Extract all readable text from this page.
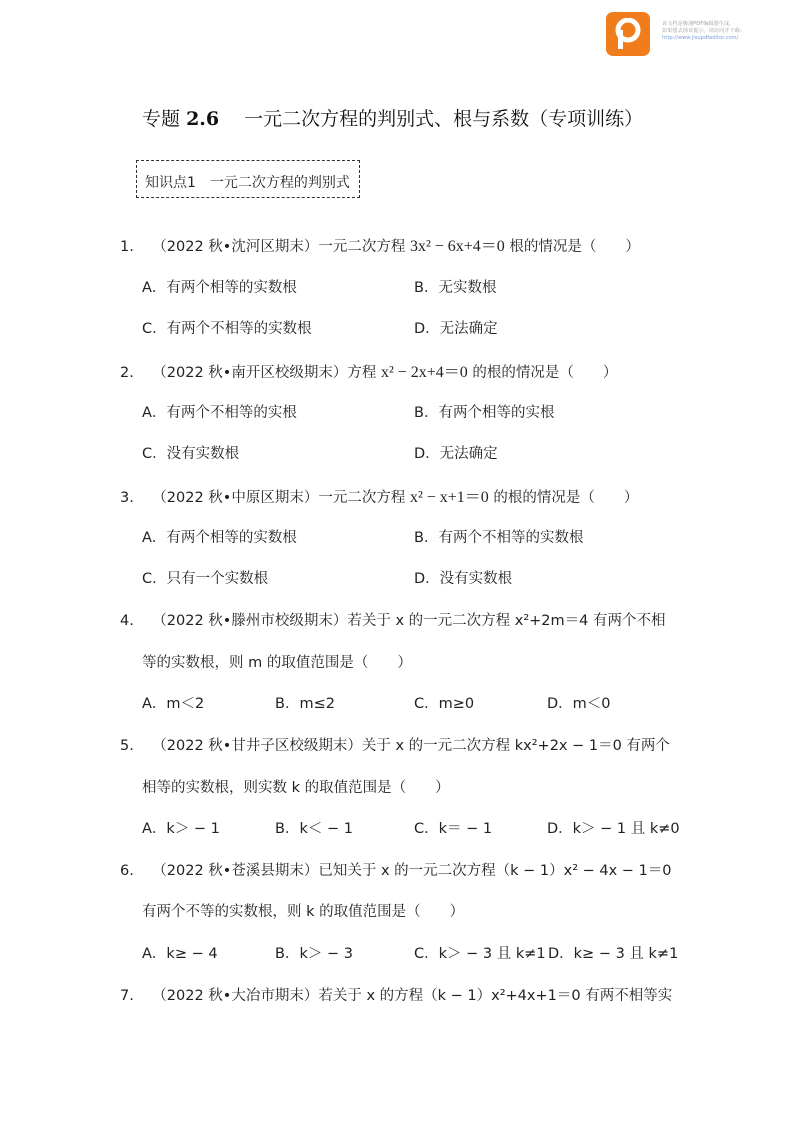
该文档是极速PDF编辑器生成，
如果想去掉该提示，请访问并下载：
http://www.jisupdfeditor.com/
专题 2.6　 一元二次方程的判别式、根与系数（专项训练）
知识点1　一元二次方程的判别式
1. （2022 秋•沈河区期末）一元二次方程 3x² − 6x+4＝0 根的情况是（　　）
A．有两个相等的实数根	B．无实数根
C．有两个不相等的实数根	D．无法确定
2. （2022 秋•南开区校级期末）方程 x² − 2x+4＝0 的根的情况是（　　）
A．有两个不相等的实根	B．有两个相等的实根
C．没有实数根	D．无法确定
3. （2022 秋•中原区期末）一元二次方程 x² − x+1＝0 的根的情况是（　　）
A．有两个相等的实数根	B．有两个不相等的实数根
C．只有一个实数根	D．没有实数根
4. （2022 秋•滕州市校级期末）若关于 x 的一元二次方程 x²+2m＝4 有两个不相
等的实数根，则 m 的取值范围是（　　）
A．m＜2	B．m≤2	C．m≥0	D．m＜0
5. （2022 秋•甘井子区校级期末）关于 x 的一元二次方程 kx²+2x − 1＝0 有两个
相等的实数根，则实数 k 的取值范围是（　　）
A．k＞ − 1	B．k＜ − 1	C．k＝ − 1	D．k＞ − 1 且 k≠0
6. （2022 秋•苍溪县期末）已知关于 x 的一元二次方程（k − 1）x² − 4x − 1＝0
有两个不等的实数根，则 k 的取值范围是（　　）
A．k≥ − 4	B．k＞ − 3	C．k＞ − 3 且 k≠1 D．k≥ − 3 且 k≠1
7. （2022 秋•大冶市期末）若关于 x 的方程（k − 1）x²+4x+1＝0 有两不相等实
